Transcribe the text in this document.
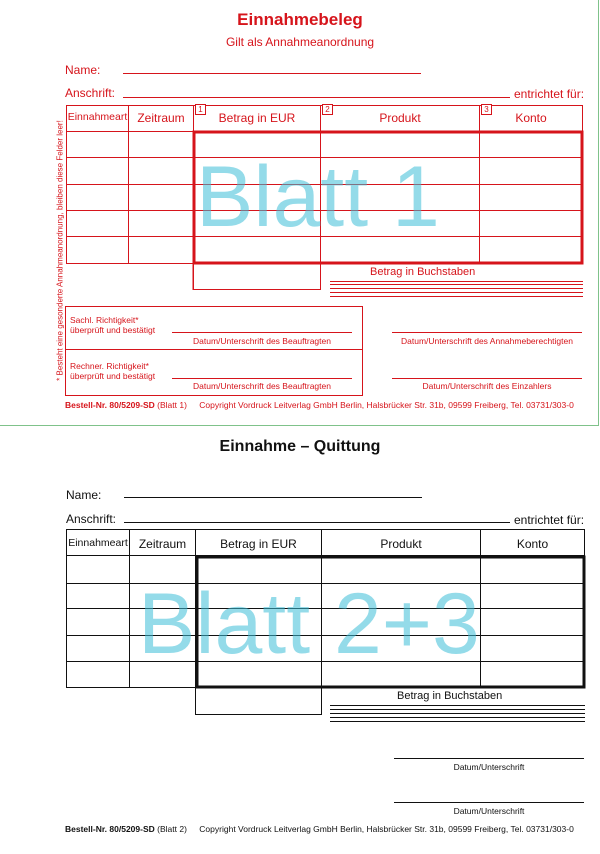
Einnahmebeleg
Gilt als Annahmeanordnung
Name:
Anschrift:	entrichtet für:
* Besteht eine gesonderte Annahmeanordnung, bleiben diese Felder leer!
Einnahmeart Zeitraum	Betrag in EUR	Produkt	Konto
1	2	3
Blatt 1
Betrag in Buchstaben
Sachl. Richtigkeit* überprüft und bestätigt
Datum/Unterschrift des Beauftragten	Datum/Unterschrift des Annahmeberechtigten
Rechner. Richtigkeit* überprüft und bestätigt
Datum/Unterschrift des Beauftragten	Datum/Unterschrift des Einzahlers
Bestell-Nr. 80/5209-SD (Blatt 1) Copyright Vordruck Leitverlag GmbH Berlin, Halsbrücker Str. 31b, 09599 Freiberg, Tel. 03731/303-0
Einnahme – Quittung
Name:
Anschrift:	entrichtet für:
Einnahmeart Zeitraum	Betrag in EUR	Produkt	Konto
Blatt 2+3
Betrag in Buchstaben
Datum/Unterschrift
Datum/Unterschrift
Bestell-Nr. 80/5209-SD (Blatt 2) Copyright Vordruck Leitverlag GmbH Berlin, Halsbrücker Str. 31b, 09599 Freiberg, Tel. 03731/303-0
